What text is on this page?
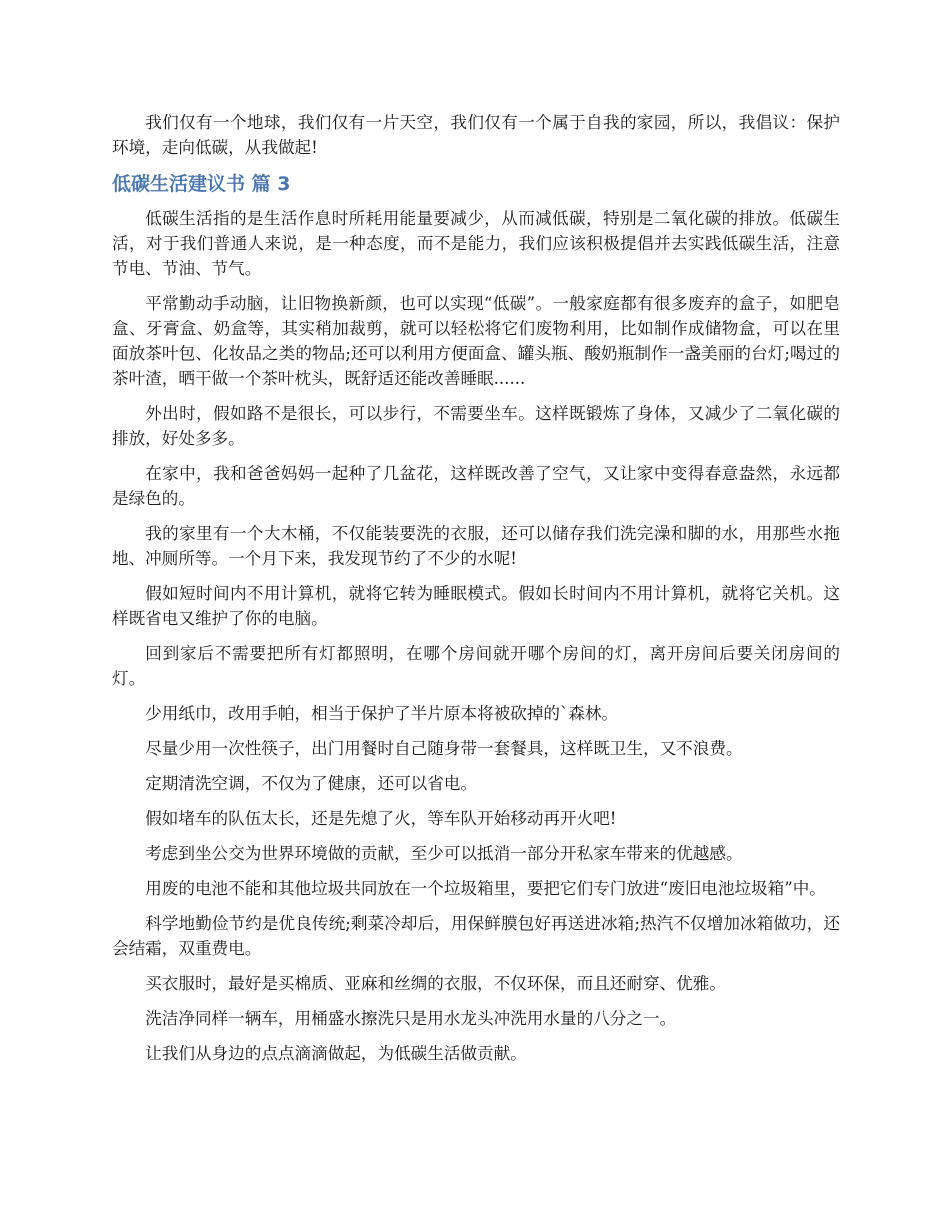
我们仅有一个地球，我们仅有一片天空，我们仅有一个属于自我的家园，所以，我倡议：保护环境，走向低碳，从我做起!

低碳生活建议书 篇 3

低碳生活指的是生活作息时所耗用能量要减少，从而减低碳，特别是二氧化碳的排放。低碳生活，对于我们普通人来说，是一种态度，而不是能力，我们应该积极提倡并去实践低碳生活，注意节电、节油、节气。

平常勤动手动脑，让旧物换新颜，也可以实现“低碳”。一般家庭都有很多废弃的盒子，如肥皂盒、牙膏盒、奶盒等，其实稍加裁剪，就可以轻松将它们废物利用，比如制作成储物盒，可以在里面放茶叶包、化妆品之类的物品;还可以利用方便面盒、罐头瓶、酸奶瓶制作一盏美丽的台灯;喝过的茶叶渣，晒干做一个茶叶枕头，既舒适还能改善睡眠......

外出时，假如路不是很长，可以步行，不需要坐车。这样既锻炼了身体，又减少了二氧化碳的排放，好处多多。

在家中，我和爸爸妈妈一起种了几盆花，这样既改善了空气，又让家中变得春意盎然，永远都是绿色的。

我的家里有一个大木桶，不仅能装要洗的衣服，还可以储存我们洗完澡和脚的水，用那些水拖地、冲厕所等。一个月下来，我发现节约了不少的水呢!

假如短时间内不用计算机，就将它转为睡眠模式。假如长时间内不用计算机，就将它关机。这样既省电又维护了你的电脑。

回到家后不需要把所有灯都照明，在哪个房间就开哪个房间的灯，离开房间后要关闭房间的灯。

少用纸巾，改用手帕，相当于保护了半片原本将被砍掉的`森林。

尽量少用一次性筷子，出门用餐时自己随身带一套餐具，这样既卫生，又不浪费。

定期清洗空调，不仅为了健康，还可以省电。

假如堵车的队伍太长，还是先熄了火，等车队开始移动再开火吧!

考虑到坐公交为世界环境做的贡献，至少可以抵消一部分开私家车带来的优越感。

用废的电池不能和其他垃圾共同放在一个垃圾箱里，要把它们专门放进“废旧电池垃圾箱”中。

科学地勤俭节约是优良传统;剩菜冷却后，用保鲜膜包好再送进冰箱;热汽不仅增加冰箱做功，还会结霜，双重费电。

买衣服时，最好是买棉质、亚麻和丝绸的衣服，不仅环保，而且还耐穿、优雅。

洗洁净同样一辆车，用桶盛水擦洗只是用水龙头冲洗用水量的八分之一。

让我们从身边的点点滴滴做起，为低碳生活做贡献。
